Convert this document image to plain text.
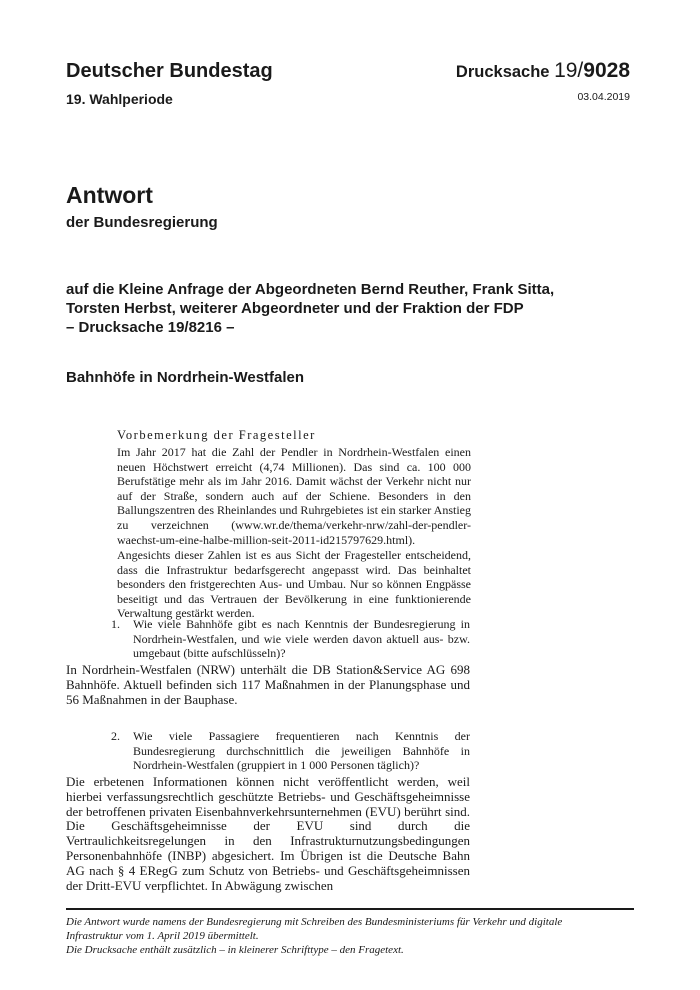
Deutscher Bundestag
19. Wahlperiode
Drucksache 19/9028
03.04.2019
Antwort
der Bundesregierung
auf die Kleine Anfrage der Abgeordneten Bernd Reuther, Frank Sitta,
Torsten Herbst, weiterer Abgeordneter und der Fraktion der FDP
– Drucksache 19/8216 –
Bahnhöfe in Nordrhein-Westfalen
Vorbemerkung der Fragesteller
Im Jahr 2017 hat die Zahl der Pendler in Nordrhein-Westfalen einen neuen Höchstwert erreicht (4,74 Millionen). Das sind ca. 100 000 Berufstätige mehr als im Jahr 2016. Damit wächst der Verkehr nicht nur auf der Straße, sondern auch auf der Schiene. Besonders in den Ballungszentren des Rheinlandes und Ruhrgebietes ist ein starker Anstieg zu verzeichnen (www.wr.de/thema/verkehr-nrw/zahl-der-pendler-waechst-um-eine-halbe-million-seit-2011-id215797629.html).
Angesichts dieser Zahlen ist es aus Sicht der Fragesteller entscheidend, dass die Infrastruktur bedarfsgerecht angepasst wird. Das beinhaltet besonders den fristgerechten Aus- und Umbau. Nur so können Engpässe beseitigt und das Vertrauen der Bevölkerung in eine funktionierende Verwaltung gestärkt werden.
1.	Wie viele Bahnhöfe gibt es nach Kenntnis der Bundesregierung in Nordrhein-Westfalen, und wie viele werden davon aktuell aus- bzw. umgebaut (bitte aufschlüsseln)?
In Nordrhein-Westfalen (NRW) unterhält die DB Station&Service AG 698 Bahnhöfe. Aktuell befinden sich 117 Maßnahmen in der Planungsphase und 56 Maßnahmen in der Bauphase.
2.	Wie viele Passagiere frequentieren nach Kenntnis der Bundesregierung durchschnittlich die jeweiligen Bahnhöfe in Nordrhein-Westfalen (gruppiert in 1 000 Personen täglich)?
Die erbetenen Informationen können nicht veröffentlicht werden, weil hierbei verfassungsrechtlich geschützte Betriebs- und Geschäftsgeheimnisse der betroffenen privaten Eisenbahnverkehrsunternehmen (EVU) berührt sind. Die Geschäftsgeheimnisse der EVU sind durch die Vertraulichkeitsregelungen in den Infrastrukturnutzungsbedingungen Personenbahnhöfe (INBP) abgesichert. Im Übrigen ist die Deutsche Bahn AG nach § 4 ERegG zum Schutz von Betriebs- und Geschäftsgeheimnissen der Dritt-EVU verpflichtet. In Abwägung zwischen
Die Antwort wurde namens der Bundesregierung mit Schreiben des Bundesministeriums für Verkehr und digitale Infrastruktur vom 1. April 2019 übermittelt.
Die Drucksache enthält zusätzlich – in kleinerer Schrifttype – den Fragetext.
